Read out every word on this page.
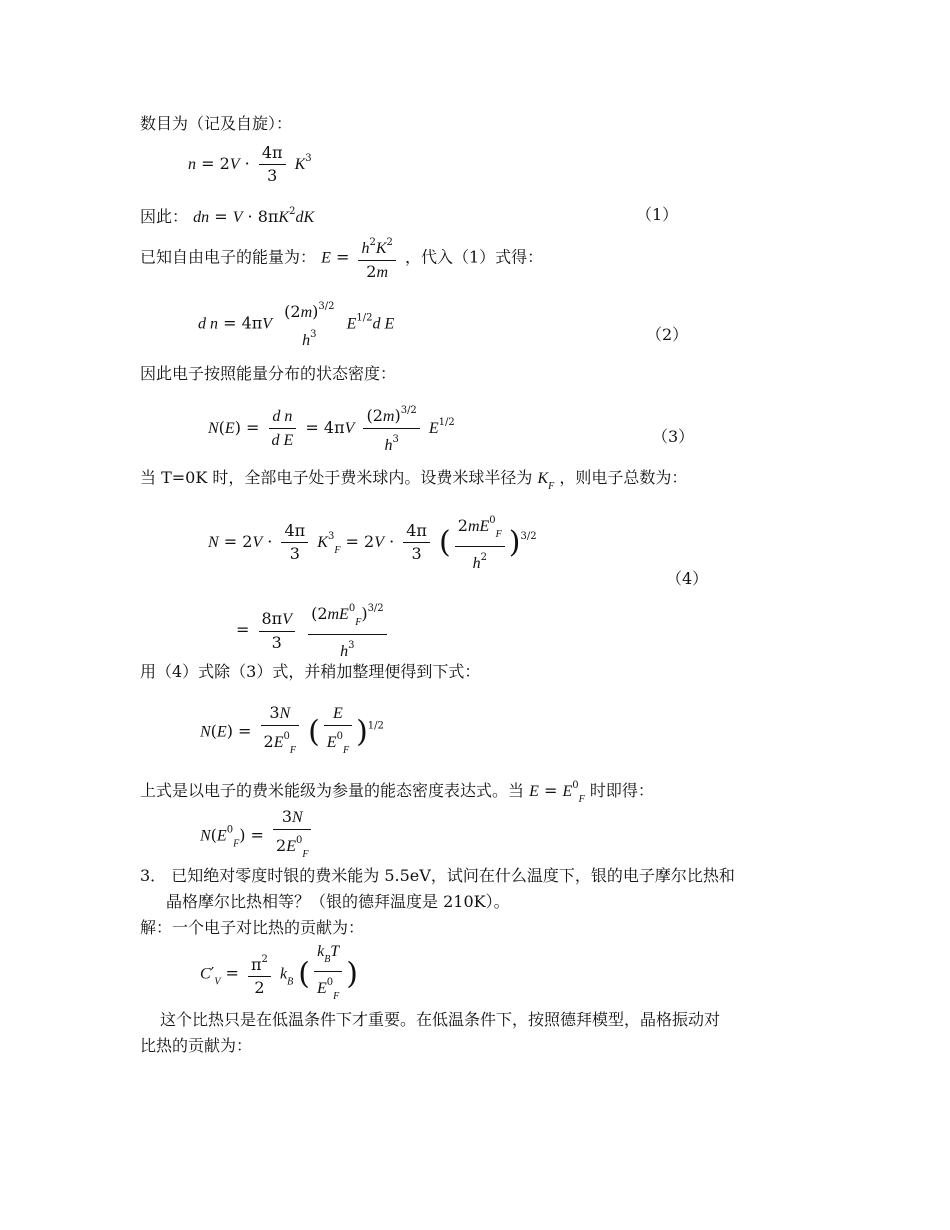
数目为（记及自旋）：
$n = 2V \cdot \frac{4\pi}{3} K^3$
因此： dn = $V \cdot 8\pi K^2dK$	（1）
已知自由电子的能量为： $E = \frac{h^2K^2}{2m}$ ，代入（1）式得：
d n = 4πV
$(2m)^{3/2}$
$h^3$
$E^{1/2}d$ E
（2）
因此电子按照能量分布的状态密度：
$N(E) = \frac{\text{d n}}{\text{d E}} = 4\pi V \frac{(2m)^{3/2}}{h^3} E^{1/2}$
（3）
当 T=0K 时，全部电子处于费米球内。设费米球半径为 $K_F$ ，则电子总数为：
$N = 2V \cdot \frac{4\pi}{3} K^3_F = 2V \cdot \frac{4\pi}{3}$ ( $\frac{2mE^0_F}{h^2} )^{3/2}$
（4）
= $\frac{8\pi V}{3}$
$\frac{(2mE^0_F)^{3/2}}{h^3}$
用（4）式除（3）式，并稍加整理便得到下式：
$N(E) = \frac{3N}{2E^0_F}$ ( $\frac{E}{E^0_F} )^{1/2}$
上式是以电子的费米能级为参量的能态密度表达式。当 $E = E^0_F$ 时即得：
$N(E^0_F) = \frac{3N}{2E^0_F}$
3． 已知绝对零度时银的费米能为 5.5eV，试问在什么温度下，银的电子摩尔比热和
晶格摩尔比热相等？（银的德拜温度是 210K）。
解：一个电子对比热的贡献为：
$C'_V = \frac{\pi^2}{2} k_B$ ( $\frac{k_BT}{E^0_F}$ )
这个比热只是在低温条件下才重要。在低温条件下，按照德拜模型，晶格振动对
比热的贡献为：
